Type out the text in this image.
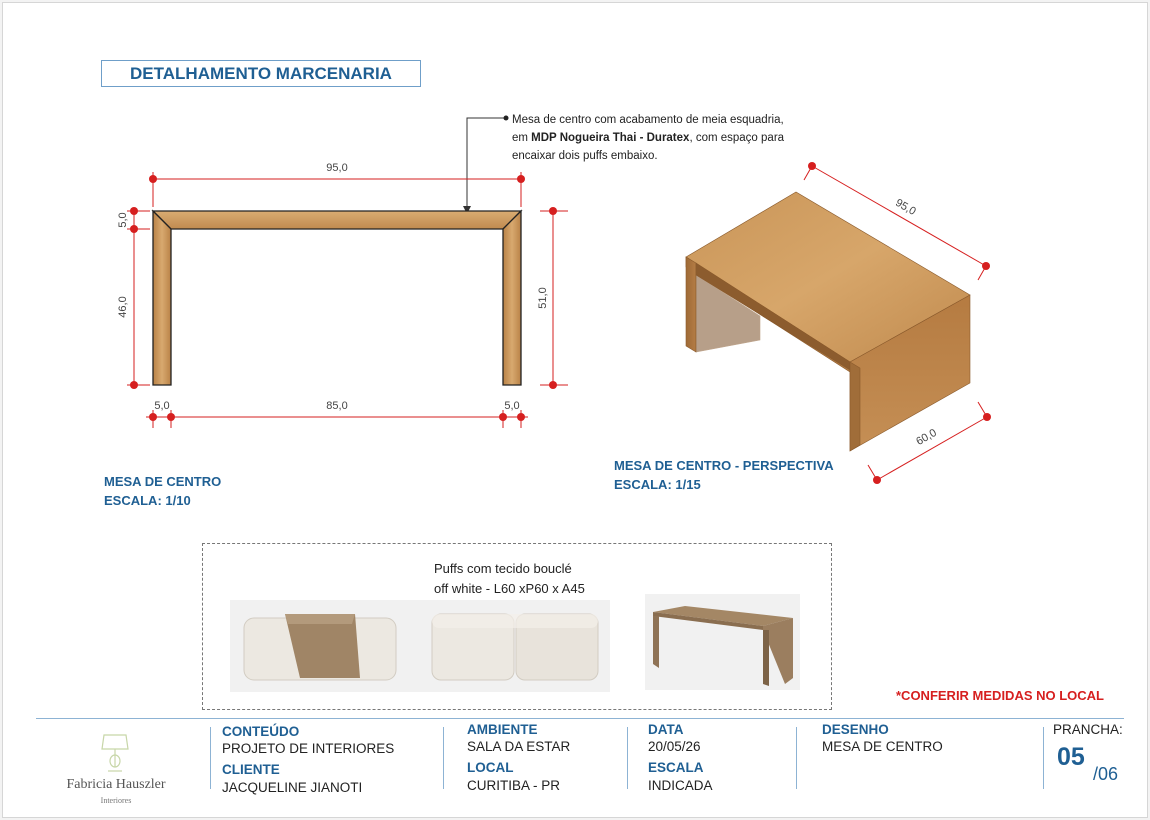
DETALHAMENTO MARCENARIA
Mesa de centro com acabamento de meia esquadria,
em MDP Nogueira Thai - Duratex, com espaço para
encaixar dois puffs embaixo.
95,0
5,0
46,0	51,0
5,0	85,0	5,0
MESA DE CENTRO
ESCALA: 1/10
95,0
60,0
MESA DE CENTRO - PERSPECTIVA
ESCALA: 1/15
Puffs com tecido bouclé
off white - L60 xP60 x A45
*CONFERIR MEDIDAS NO LOCAL
Fabricia Hauszler
Interiores
CONTEÚDO
PROJETO DE INTERIORES
CLIENTE
JACQUELINE JIANOTI
AMBIENTE
SALA DA ESTAR
LOCAL
CURITIBA - PR
DATA
20/05/26
ESCALA
INDICADA
DESENHO
MESA DE CENTRO
PRANCHA:
05
/06
